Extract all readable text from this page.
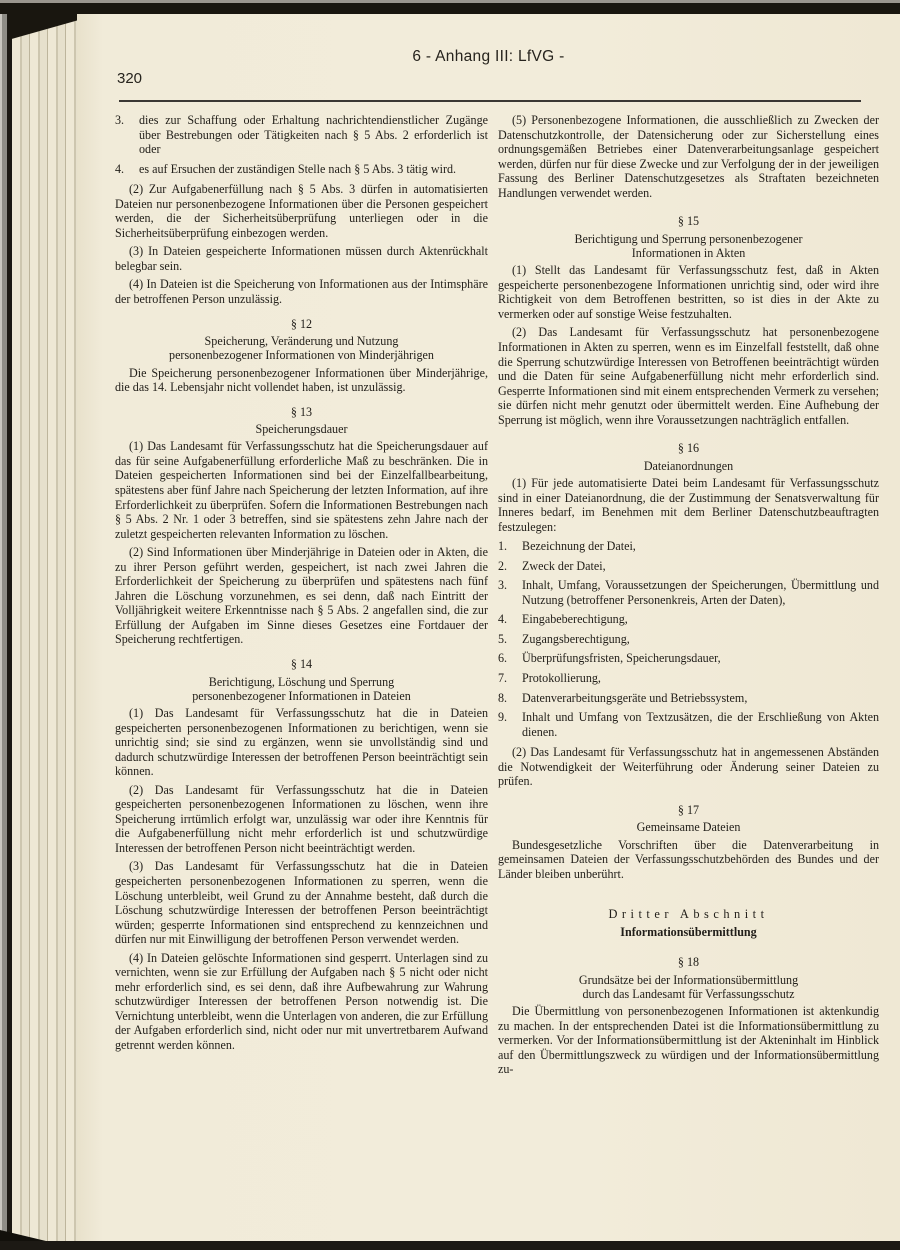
6 - Anhang III: LfVG -
320
3.	dies zur Schaffung oder Erhaltung nachrichtendienstlicher Zugänge über Bestrebungen oder Tätigkeiten nach § 5 Abs. 2 erforderlich ist oder
4.	es auf Ersuchen der zuständigen Stelle nach § 5 Abs. 3 tätig wird.

(2) Zur Aufgabenerfüllung nach § 5 Abs. 3 dürfen in automatisierten Dateien nur personenbezogene Informationen über die Personen gespeichert werden, die der Sicherheitsüberprüfung unterliegen oder in die Sicherheitsüberprüfung einbezogen werden.

(3) In Dateien gespeicherte Informationen müssen durch Aktenrückhalt belegbar sein.

(4) In Dateien ist die Speicherung von Informationen aus der Intimsphäre der betroffenen Person unzulässig.

§ 12
Speicherung, Veränderung und Nutzung
personenbezogener Informationen von Minderjährigen

Die Speicherung personenbezogener Informationen über Minderjährige, die das 14. Lebensjahr nicht vollendet haben, ist unzulässig.

§ 13
Speicherungsdauer

(1) Das Landesamt für Verfassungsschutz hat die Speicherungsdauer auf das für seine Aufgabenerfüllung erforderliche Maß zu beschränken. Die in Dateien gespeicherten Informationen sind bei der Einzelfallbearbeitung, spätestens aber fünf Jahre nach Speicherung der letzten Information, auf ihre Erforderlichkeit zu überprüfen. Sofern die Informationen Bestrebungen nach § 5 Abs. 2 Nr. 1 oder 3 betreffen, sind sie spätestens zehn Jahre nach der zuletzt gespeicherten relevanten Information zu löschen.

(2) Sind Informationen über Minderjährige in Dateien oder in Akten, die zu ihrer Person geführt werden, gespeichert, ist nach zwei Jahren die Erforderlichkeit der Speicherung zu überprüfen und spätestens nach fünf Jahren die Löschung vorzunehmen, es sei denn, daß nach Eintritt der Volljährigkeit weitere Erkenntnisse nach § 5 Abs. 2 angefallen sind, die zur Erfüllung der Aufgaben im Sinne dieses Gesetzes eine Fortdauer der Speicherung rechtfertigen.

§ 14
Berichtigung, Löschung und Sperrung
personenbezogener Informationen in Dateien

(1) Das Landesamt für Verfassungsschutz hat die in Dateien gespeicherten personenbezogenen Informationen zu berichtigen, wenn sie unrichtig sind; sie sind zu ergänzen, wenn sie unvollständig sind und dadurch schutzwürdige Interessen der betroffenen Person beeinträchtigt sein können.

(2) Das Landesamt für Verfassungsschutz hat die in Dateien gespeicherten personenbezogenen Informationen zu löschen, wenn ihre Speicherung irrtümlich erfolgt war, unzulässig war oder ihre Kenntnis für die Aufgabenerfüllung nicht mehr erforderlich ist und schutzwürdige Interessen der betroffenen Person nicht beeinträchtigt werden.

(3) Das Landesamt für Verfassungsschutz hat die in Dateien gespeicherten personenbezogenen Informationen zu sperren, wenn die Löschung unterbleibt, weil Grund zu der Annahme besteht, daß durch die Löschung schutzwürdige Interessen der betroffenen Person beeinträchtigt würden; gesperrte Informationen sind entsprechend zu kennzeichnen und dürfen nur mit Einwilligung der betroffenen Person verwendet werden.

(4) In Dateien gelöschte Informationen sind gesperrt. Unterlagen sind zu vernichten, wenn sie zur Erfüllung der Aufgaben nach § 5 nicht oder nicht mehr erforderlich sind, es sei denn, daß ihre Aufbewahrung zur Wahrung schutzwürdiger Interessen der betroffenen Person notwendig ist. Die Vernichtung unterbleibt, wenn die Unterlagen von anderen, die zur Erfüllung der Aufgaben erforderlich sind, nicht oder nur mit unvertretbarem Aufwand getrennt werden können.

(5) Personenbezogene Informationen, die ausschließlich zu Zwecken der Datenschutzkontrolle, der Datensicherung oder zur Sicherstellung eines ordnungsgemäßen Betriebes einer Datenverarbeitungsanlage gespeichert werden, dürfen nur für diese Zwecke und zur Verfolgung der in der jeweiligen Fassung des Berliner Datenschutzgesetzes als Straftaten bezeichneten Handlungen verwendet werden.

§ 15
Berichtigung und Sperrung personenbezogener
Informationen in Akten

(1) Stellt das Landesamt für Verfassungsschutz fest, daß in Akten gespeicherte personenbezogene Informationen unrichtig sind, oder wird ihre Richtigkeit von dem Betroffenen bestritten, so ist dies in der Akte zu vermerken oder auf sonstige Weise festzuhalten.

(2) Das Landesamt für Verfassungsschutz hat personenbezogene Informationen in Akten zu sperren, wenn es im Einzelfall feststellt, daß ohne die Sperrung schutzwürdige Interessen von Betroffenen beeinträchtigt würden und die Daten für seine Aufgabenerfüllung nicht mehr erforderlich sind. Gesperrte Informationen sind mit einem entsprechenden Vermerk zu versehen; sie dürfen nicht mehr genutzt oder übermittelt werden. Eine Aufhebung der Sperrung ist möglich, wenn ihre Voraussetzungen nachträglich entfallen.

§ 16
Dateianordnungen

(1) Für jede automatisierte Datei beim Landesamt für Verfassungsschutz sind in einer Dateianordnung, die der Zustimmung der Senatsverwaltung für Inneres bedarf, im Benehmen mit dem Berliner Datenschutzbeauftragten festzulegen:

1.	Bezeichnung der Datei,
2.	Zweck der Datei,
3.	Inhalt, Umfang, Voraussetzungen der Speicherungen, Übermittlung und Nutzung (betroffener Personenkreis, Arten der Daten),
4.	Eingabeberechtigung,
5.	Zugangsberechtigung,
6.	Überprüfungsfristen, Speicherungsdauer,
7.	Protokollierung,
8.	Datenverarbeitungsgeräte und Betriebssystem,
9.	Inhalt und Umfang von Textzusätzen, die der Erschließung von Akten dienen.

(2) Das Landesamt für Verfassungsschutz hat in angemessenen Abständen die Notwendigkeit der Weiterführung oder Änderung seiner Dateien zu prüfen.

§ 17
Gemeinsame Dateien

Bundesgesetzliche Vorschriften über die Datenverarbeitung in gemeinsamen Dateien der Verfassungsschutzbehörden des Bundes und der Länder bleiben unberührt.

Dritter Abschnitt
Informationsübermittlung
§ 18
Grundsätze bei der Informationsübermittlung
durch das Landesamt für Verfassungsschutz

Die Übermittlung von personenbezogenen Informationen ist aktenkundig zu machen. In der entsprechenden Datei ist die Informationsübermittlung zu vermerken. Vor der Informationsübermittlung ist der Akteninhalt im Hinblick auf den Übermittlungszweck zu würdigen und der Informationsübermittlung zu-
